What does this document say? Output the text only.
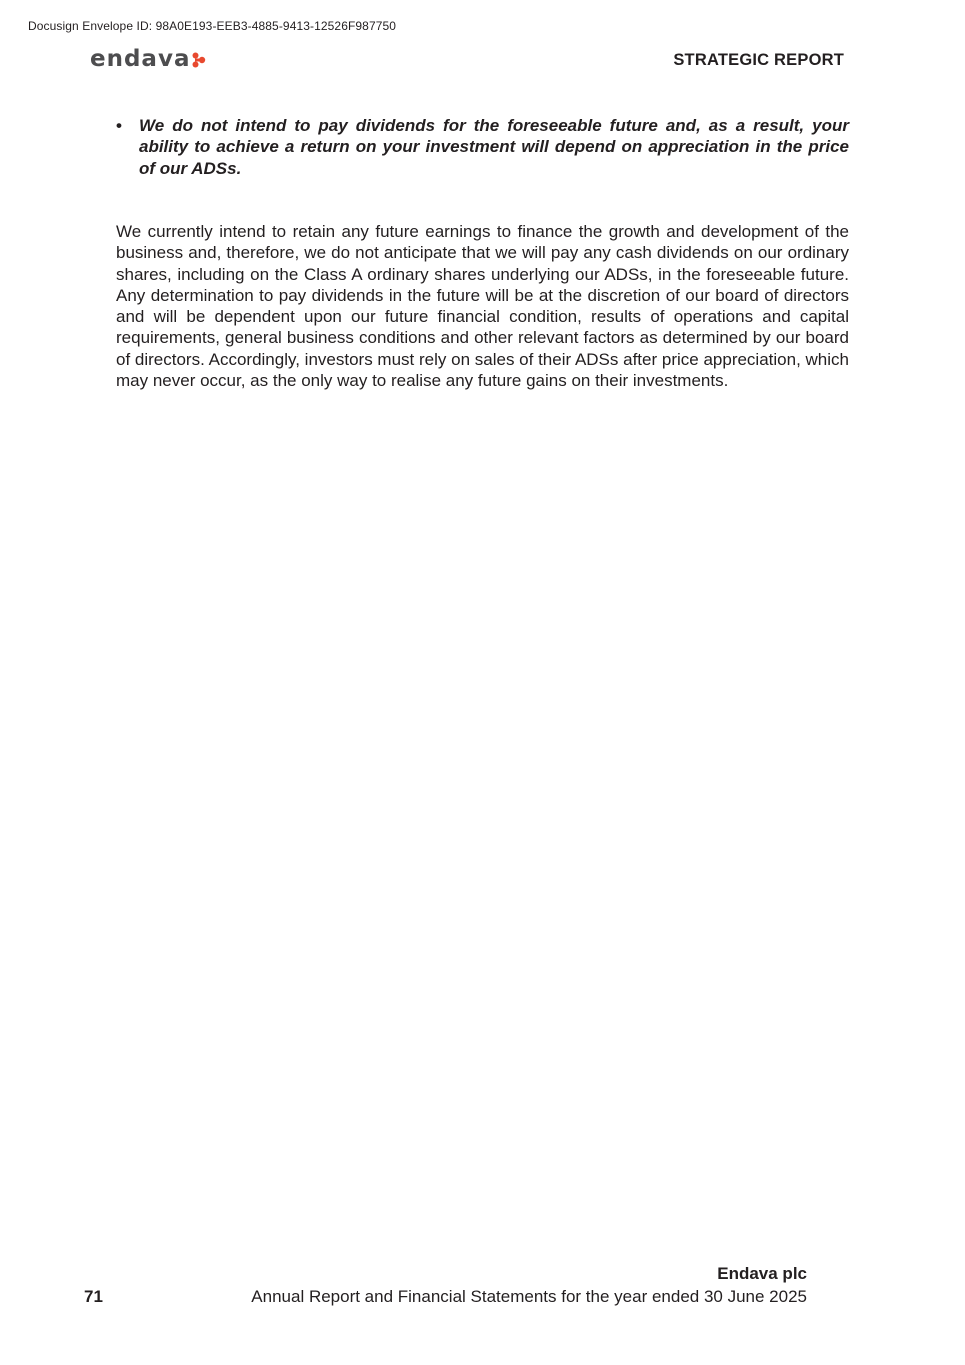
Docusign Envelope ID: 98A0E193-EEB3-4885-9413-12526F987750
endava	STRATEGIC REPORT
•	We do not intend to pay dividends for the foreseeable future and, as a result, your ability to achieve a return on your investment will depend on appreciation in the price of our ADSs.

We currently intend to retain any future earnings to finance the growth and development of the business and, therefore, we do not anticipate that we will pay any cash dividends on our ordinary shares, including on the Class A ordinary shares underlying our ADSs, in the foreseeable future. Any determination to pay dividends in the future will be at the discretion of our board of directors and will be dependent upon our future financial condition, results of operations and capital requirements, general business conditions and other relevant factors as determined by our board of directors. Accordingly, investors must rely on sales of their ADSs after price appreciation, which may never occur, as the only way to realise any future gains on their investments.

Endava plc
71	Annual Report and Financial Statements for the year ended 30 June 2025
